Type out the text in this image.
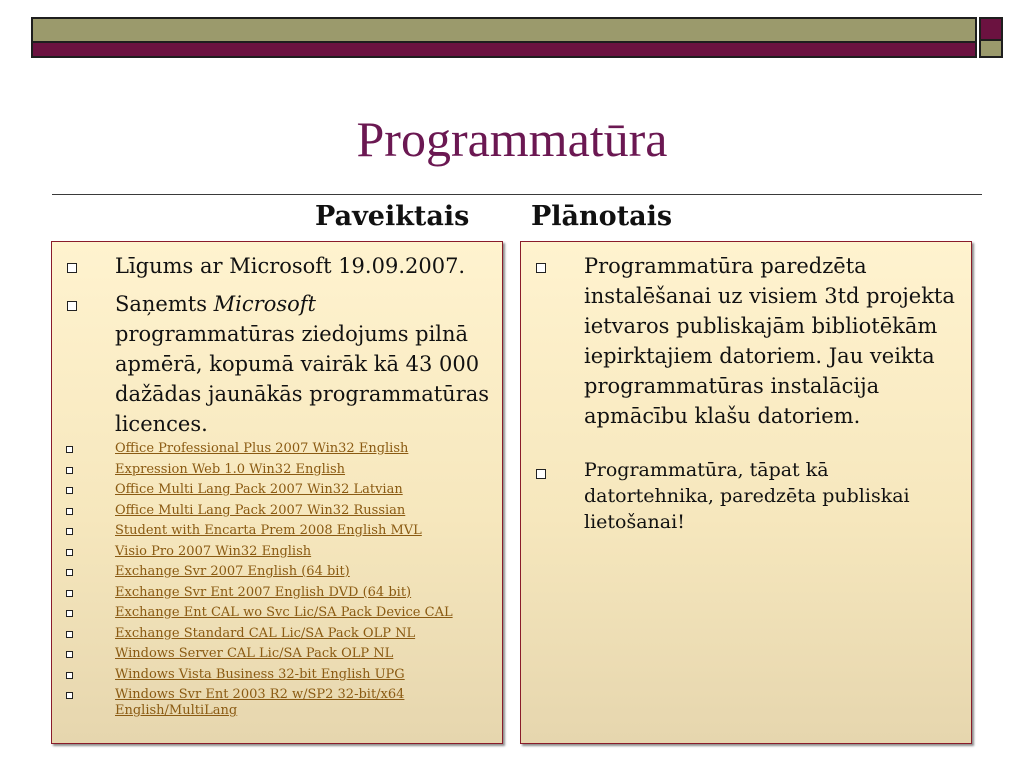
Programmatūra
Paveiktais Plānotais
Līgums ar Microsoft 19.09.2007.
Saņemts Microsoft programmatūras ziedojums pilnā apmērā, kopumā vairāk kā 43 000 dažādas jaunākās programmatūras licences.
Office Professional Plus 2007 Win32 English
Expression Web 1.0 Win32 English
Office Multi Lang Pack 2007 Win32 Latvian
Office Multi Lang Pack 2007 Win32 Russian
Student with Encarta Prem 2008 English MVL
Visio Pro 2007 Win32 English
Exchange Svr 2007 English (64 bit)
Exchange Svr Ent 2007 English DVD (64 bit)
Exchange Ent CAL wo Svc Lic/SA Pack Device CAL
Exchange Standard CAL Lic/SA Pack OLP NL
Windows Server CAL Lic/SA Pack OLP NL
Windows Vista Business 32-bit English UPG
Windows Svr Ent 2003 R2 w/SP2 32-bit/x64 English/MultiLang
Programmatūra paredzēta instalēšanai uz visiem 3td projekta ietvaros publiskajām bibliotēkām iepirktajiem datoriem. Jau veikta programmatūras instalācija apmācību klašu datoriem.
Programmatūra, tāpat kā datortehnika, paredzēta publiskai lietošanai!
